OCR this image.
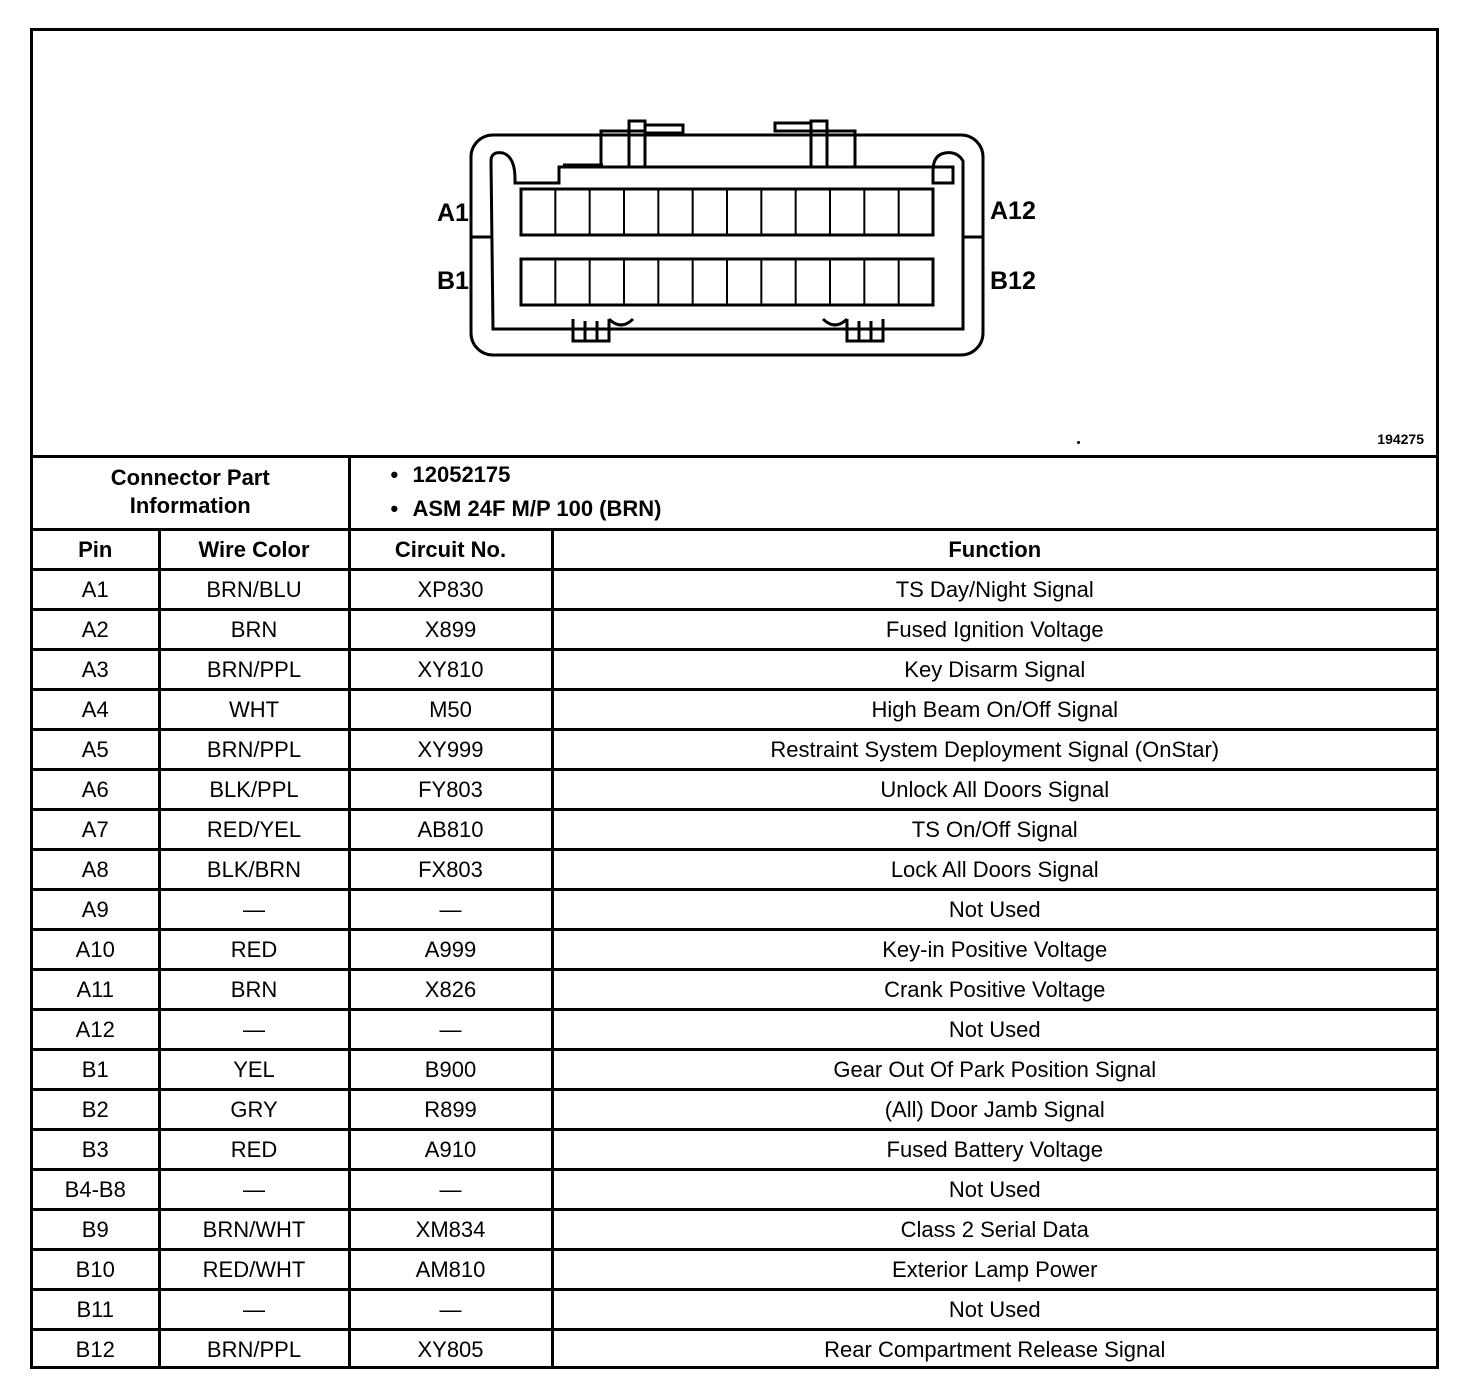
A1	A12
B1	B12
194275
Connector Part Information		• 12052175
• ASM 24F M/P 100 (BRN)	

Pin	Wire Color	Circuit No.	Function
A1	BRN/BLU	XP830	TS Day/Night Signal
A2	BRN	X899	Fused Ignition Voltage
A3	BRN/PPL	XY810	Key Disarm Signal
A4	WHT	M50	High Beam On/Off Signal
A5	BRN/PPL	XY999	Restraint System Deployment Signal (OnStar)
A6	BLK/PPL	FY803	Unlock All Doors Signal
A7	RED/YEL	AB810	TS On/Off Signal
A8	BLK/BRN	FX803	Lock All Doors Signal
A9	—	—	Not Used
A10	RED	A999	Key-in Positive Voltage
A11	BRN	X826	Crank Positive Voltage
A12	—	—	Not Used
B1	YEL	B900	Gear Out Of Park Position Signal
B2	GRY	R899	(All) Door Jamb Signal
B3	RED	A910	Fused Battery Voltage
B4-B8	—	—	Not Used
B9	BRN/WHT	XM834	Class 2 Serial Data
B10	RED/WHT	AM810	Exterior Lamp Power
B11	—	—	Not Used
B12	BRN/PPL	XY805	Rear Compartment Release Signal
